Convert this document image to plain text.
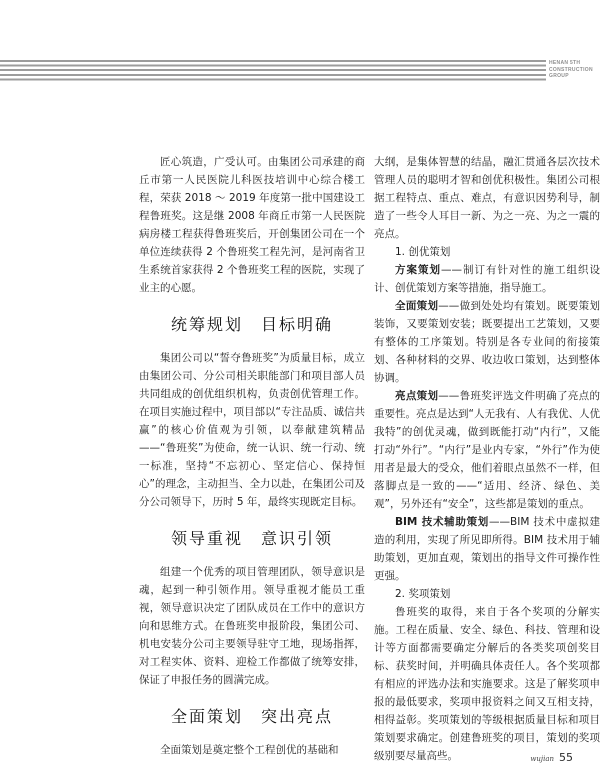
HENAN 5TH
CONSTRUCTION
GROUP

匠心筑造，广受认可。由集团公司承建的商丘市第一人民医院儿科医技培训中心综合楼工程，荣获 2018 ～ 2019 年度第一批中国建设工程鲁班奖。这是继 2008 年商丘市第一人民医院病房楼工程获得鲁班奖后，开创集团公司在一个单位连续获得 2 个鲁班奖工程先河，是河南省卫生系统首家获得 2 个鲁班奖工程的医院，实现了业主的心愿。

统筹规划　目标明确

集团公司以“誓夺鲁班奖”为质量目标，成立由集团公司、分公司相关职能部门和项目部人员共同组成的创优组织机构，负责创优管理工作。在项目实施过程中，项目部以“专注品质、诚信共赢”的核心价值观为引领，以奉献建筑精品——“鲁班奖”为使命，统一认识、统一行动、统一标准，坚持“不忘初心、坚定信心、保持恒心”的理念，主动担当、全力以赴，在集团公司及分公司领导下，历时 5 年，最终实现既定目标。

领导重视　意识引领

组建一个优秀的项目管理团队，领导意识是魂，起到一种引领作用。领导重视才能员工重视，领导意识决定了团队成员在工作中的意识方向和思维方式。在鲁班奖申报阶段，集团公司、机电安装分公司主要领导驻守工地，现场指挥，对工程实体、资料、迎检工作都做了统筹安排，保证了申报任务的圆满完成。

全面策划　突出亮点

全面策划是奠定整个工程创优的基础和

大纲，是集体智慧的结晶，融汇贯通各层次技术管理人员的聪明才智和创优积极性。集团公司根据工程特点、重点、难点，有意识因势利导，制造了一些令人耳目一新、为之一亮、为之一震的亮点。

1. 创优策划

方案策划——制订有针对性的施工组织设计、创优策划方案等措施，指导施工。

全面策划——做到处处均有策划。既要策划装饰，又要策划安装；既要提出工艺策划，又要有整体的工序策划。特别是各专业间的衔接策划、各种材料的交界、收边收口策划，达到整体协调。

亮点策划——鲁班奖评选文件明确了亮点的重要性。亮点是达到“人无我有、人有我优、人优我特”的创优灵魂，做到既能打动“内行”，又能打动“外行”。“内行”是业内专家，“外行”作为使用者是最大的受众，他们着眼点虽然不一样，但落脚点是一致的——“适用、经济、绿色、美观”，另外还有“安全”，这些都是策划的重点。

BIM 技术辅助策划——BIM 技术中虚拟建造的利用，实现了所见即所得。BIM 技术用于辅助策划，更加直观，策划出的指导文件可操作性更强。

2. 奖项策划

鲁班奖的取得，来自于各个奖项的分解实施。工程在质量、安全、绿色、科技、管理和设计等方面都需要确定分解后的各类奖项创奖目标、获奖时间，并明确具体责任人。各个奖项都有相应的评选办法和实施要求。这是了解奖项申报的最低要求，奖项申报资料之间又互相支持，相得益彰。奖项策划的等级根据质量目标和项目策划要求确定。创建鲁班奖的项目，策划的奖项级别要尽量高些。	wujian 55
